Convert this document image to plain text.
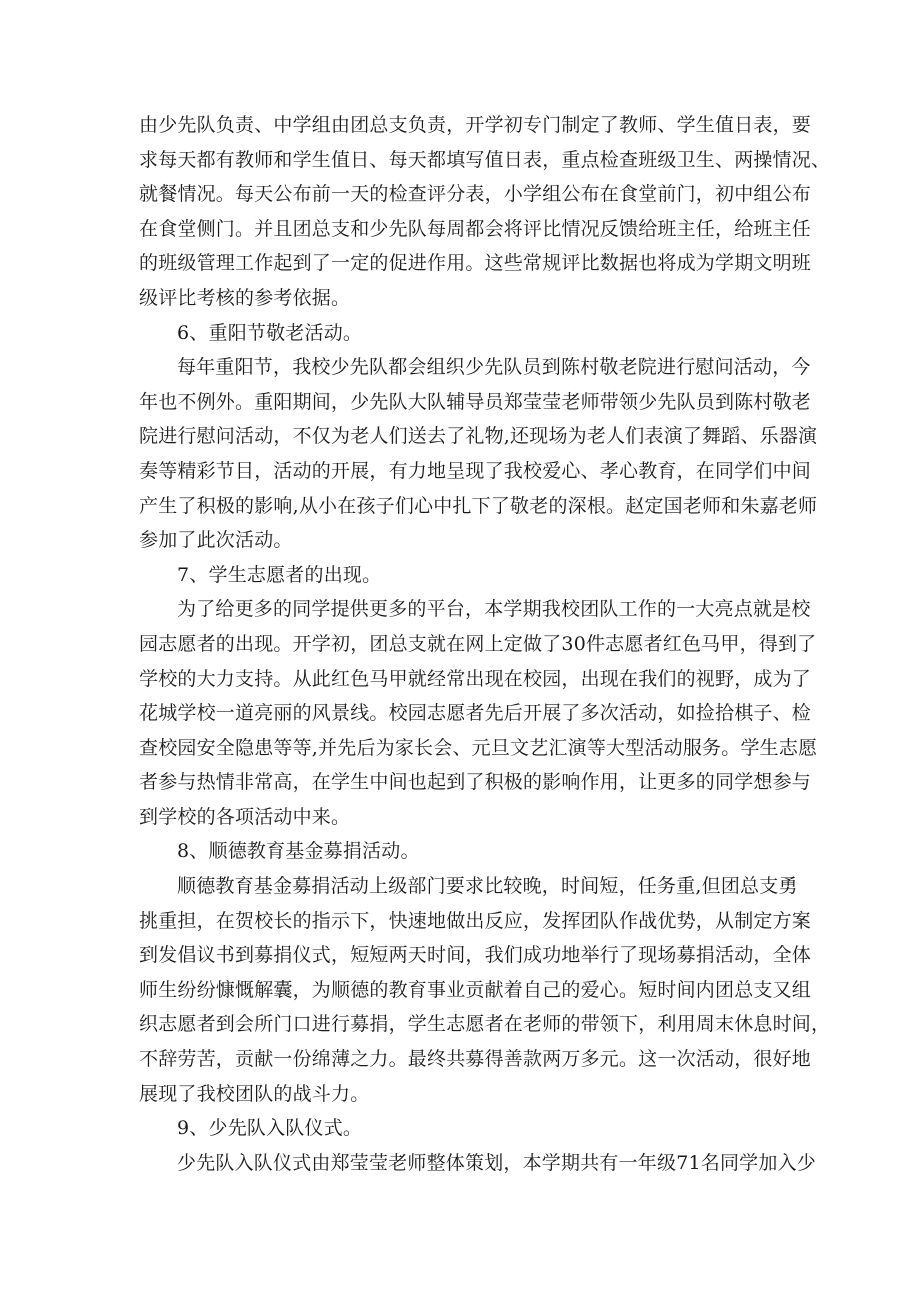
由少先队负责、中学组由团总支负责，开学初专门制定了教师、学生值日表，要
求每天都有教师和学生值日、每天都填写值日表，重点检查班级卫生、两操情况、
就餐情况。每天公布前一天的检查评分表，小学组公布在食堂前门，初中组公布
在食堂侧门。并且团总支和少先队每周都会将评比情况反馈给班主任，给班主任
的班级管理工作起到了一定的促进作用。这些常规评比数据也将成为学期文明班
级评比考核的参考依据。
6、重阳节敬老活动。
每年重阳节，我校少先队都会组织少先队员到陈村敬老院进行慰问活动，今
年也不例外。重阳期间，少先队大队辅导员郑莹莹老师带领少先队员到陈村敬老
院进行慰问活动，不仅为老人们送去了礼物,还现场为老人们表演了舞蹈、乐器演
奏等精彩节目，活动的开展，有力地呈现了我校爱心、孝心教育，在同学们中间
产生了积极的影响,从小在孩子们心中扎下了敬老的深根。赵定国老师和朱嘉老师
参加了此次活动。
7、学生志愿者的出现。
为了给更多的同学提供更多的平台，本学期我校团队工作的一大亮点就是校
园志愿者的出现。开学初，团总支就在网上定做了30件志愿者红色马甲，得到了
学校的大力支持。从此红色马甲就经常出现在校园，出现在我们的视野，成为了
花城学校一道亮丽的风景线。校园志愿者先后开展了多次活动，如捡拾棋子、检
查校园安全隐患等等,并先后为家长会、元旦文艺汇演等大型活动服务。学生志愿
者参与热情非常高，在学生中间也起到了积极的影响作用，让更多的同学想参与
到学校的各项活动中来。
8、顺德教育基金募捐活动。
顺德教育基金募捐活动上级部门要求比较晚，时间短，任务重,但团总支勇
挑重担，在贺校长的指示下，快速地做出反应，发挥团队作战优势，从制定方案
到发倡议书到募捐仪式，短短两天时间，我们成功地举行了现场募捐活动，全体
师生纷纷慷慨解囊，为顺德的教育事业贡献着自己的爱心。短时间内团总支又组
织志愿者到会所门口进行募捐，学生志愿者在老师的带领下，利用周末休息时间，
不辞劳苦，贡献一份绵薄之力。最终共募得善款两万多元。这一次活动，很好地
展现了我校团队的战斗力。
9、少先队入队仪式。
少先队入队仪式由郑莹莹老师整体策划，本学期共有一年级71名同学加入少
